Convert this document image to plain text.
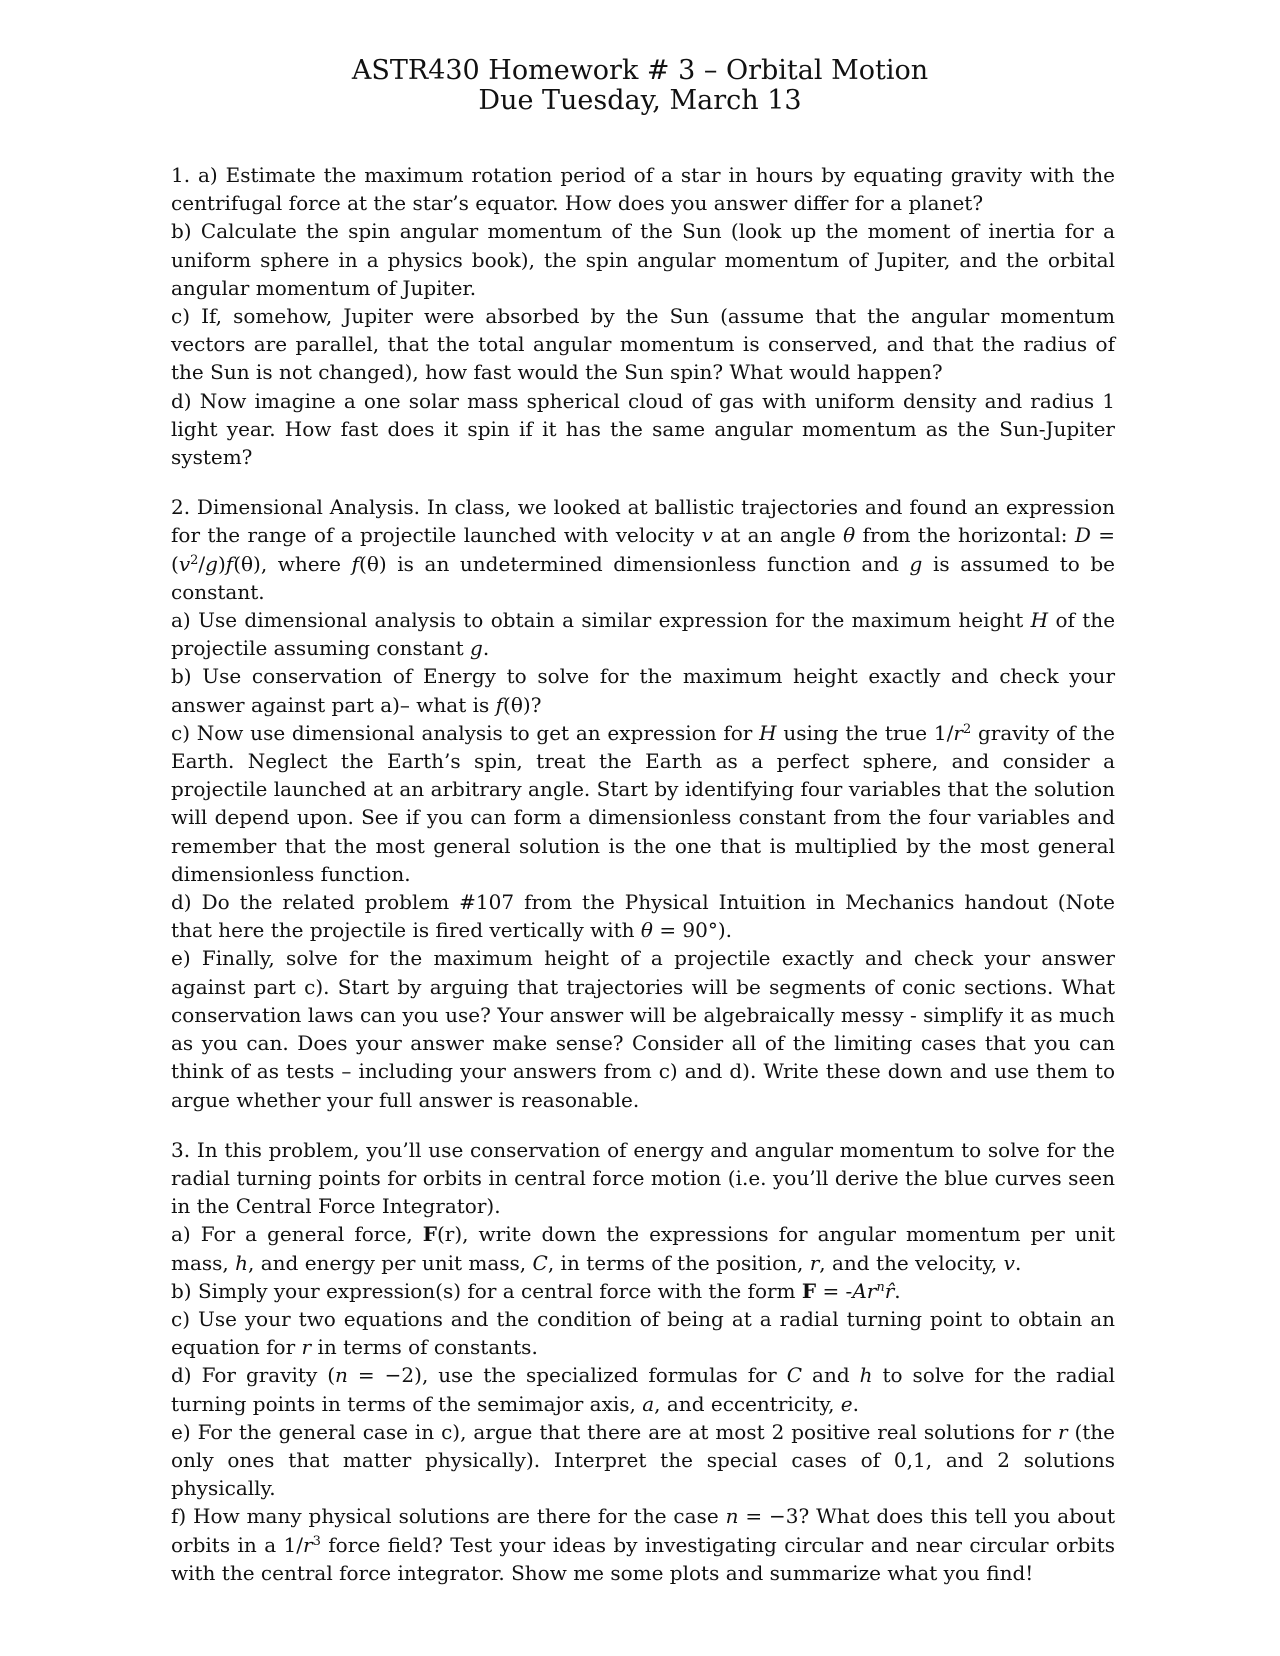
ASTR430 Homework # 3 – Orbital Motion
Due Tuesday, March 13
1. a) Estimate the maximum rotation period of a star in hours by equating gravity with the centrifugal force at the star’s equator. How does you answer differ for a planet?
b) Calculate the spin angular momentum of the Sun (look up the moment of inertia for a uniform sphere in a physics book), the spin angular momentum of Jupiter, and the orbital angular momentum of Jupiter.
c) If, somehow, Jupiter were absorbed by the Sun (assume that the angular momentum vectors are parallel, that the total angular momentum is conserved, and that the radius of the Sun is not changed), how fast would the Sun spin? What would happen?
d) Now imagine a one solar mass spherical cloud of gas with uniform density and radius 1 light year. How fast does it spin if it has the same angular momentum as the Sun-Jupiter system?
2. Dimensional Analysis. In class, we looked at ballistic trajectories and found an expression for the range of a projectile launched with velocity v at an angle θ from the horizontal: $D = (v^2/g)f(\theta)$, where f(θ) is an undetermined dimensionless function and g is assumed to be constant.
a) Use dimensional analysis to obtain a similar expression for the maximum height H of the projectile assuming constant g.
b) Use conservation of Energy to solve for the maximum height exactly and check your answer against part a)– what is f(θ)?
c) Now use dimensional analysis to get an expression for H using the true $1/r^2$ gravity of the Earth. Neglect the Earth’s spin, treat the Earth as a perfect sphere, and consider a projectile launched at an arbitrary angle. Start by identifying four variables that the solution will depend upon. See if you can form a dimensionless constant from the four variables and remember that the most general solution is the one that is multiplied by the most general dimensionless function.
d) Do the related problem #107 from the Physical Intuition in Mechanics handout (Note that here the projectile is fired vertically with θ = 90°).
e) Finally, solve for the maximum height of a projectile exactly and check your answer against part c). Start by arguing that trajectories will be segments of conic sections. What conservation laws can you use? Your answer will be algebraically messy - simplify it as much as you can. Does your answer make sense? Consider all of the limiting cases that you can think of as tests – including your answers from c) and d). Write these down and use them to argue whether your full answer is reasonable.
3. In this problem, you’ll use conservation of energy and angular momentum to solve for the radial turning points for orbits in central force motion (i.e. you’ll derive the blue curves seen in the Central Force Integrator).
a) For a general force, F(r), write down the expressions for angular momentum per unit mass, h, and energy per unit mass, C, in terms of the position, r, and the velocity, v.
b) Simply your expression(s) for a central force with the form $F = -Ar^nr̂$.
c) Use your two equations and the condition of being at a radial turning point to obtain an equation for r in terms of constants.
d) For gravity (n = −2), use the specialized formulas for C and h to solve for the radial turning points in terms of the semimajor axis, a, and eccentricity, e.
e) For the general case in c), argue that there are at most 2 positive real solutions for r (the only ones that matter physically). Interpret the special cases of 0,1, and 2 solutions physically.
f) How many physical solutions are there for the case n = −3? What does this tell you about orbits in a $1/r^3$ force field? Test your ideas by investigating circular and near circular orbits with the central force integrator. Show me some plots and summarize what you find!
